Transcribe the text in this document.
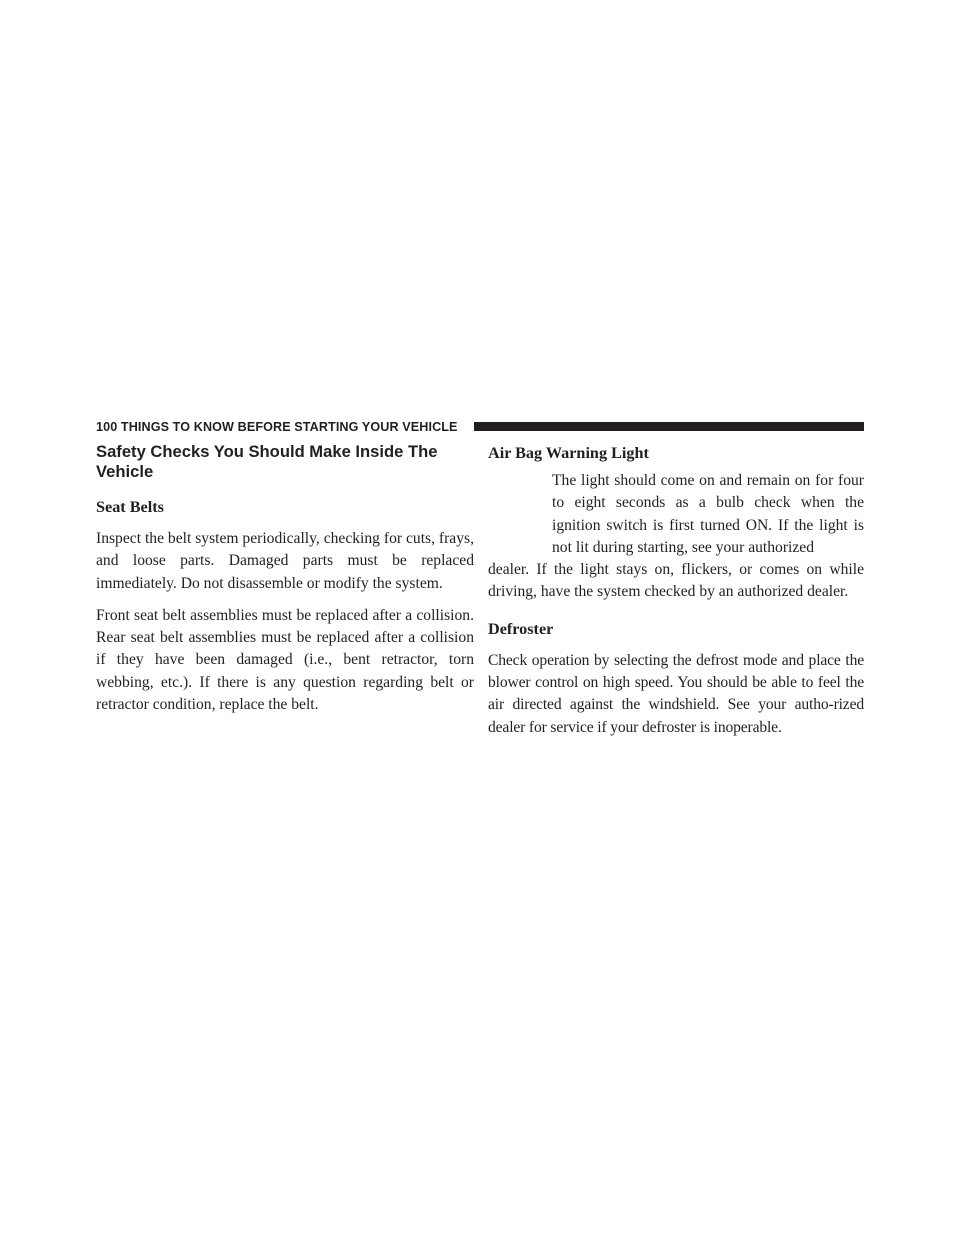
100 THINGS TO KNOW BEFORE STARTING YOUR VEHICLE
Safety Checks You Should Make Inside The
Vehicle
Seat Belts

Inspect the belt system periodically, checking for cuts, frays, and loose parts. Damaged parts must be replaced immediately. Do not disassemble or modify the system.

Front seat belt assemblies must be replaced after a collision. Rear seat belt assemblies must be replaced after a collision if they have been damaged (i.e., bent retractor, torn webbing, etc.). If there is any question regarding belt or retractor condition, replace the belt.

Air Bag Warning Light

The light should come on and remain on for four to eight seconds as a bulb check when the ignition switch is first turned ON. If the light is not lit during starting, see your authorized

dealer. If the light stays on, flickers, or comes on while driving, have the system checked by an authorized dealer.

Defroster

Check operation by selecting the defrost mode and place the blower control on high speed. You should be able to feel the air directed against the windshield. See your autho-rized dealer for service if your defroster is inoperable.
